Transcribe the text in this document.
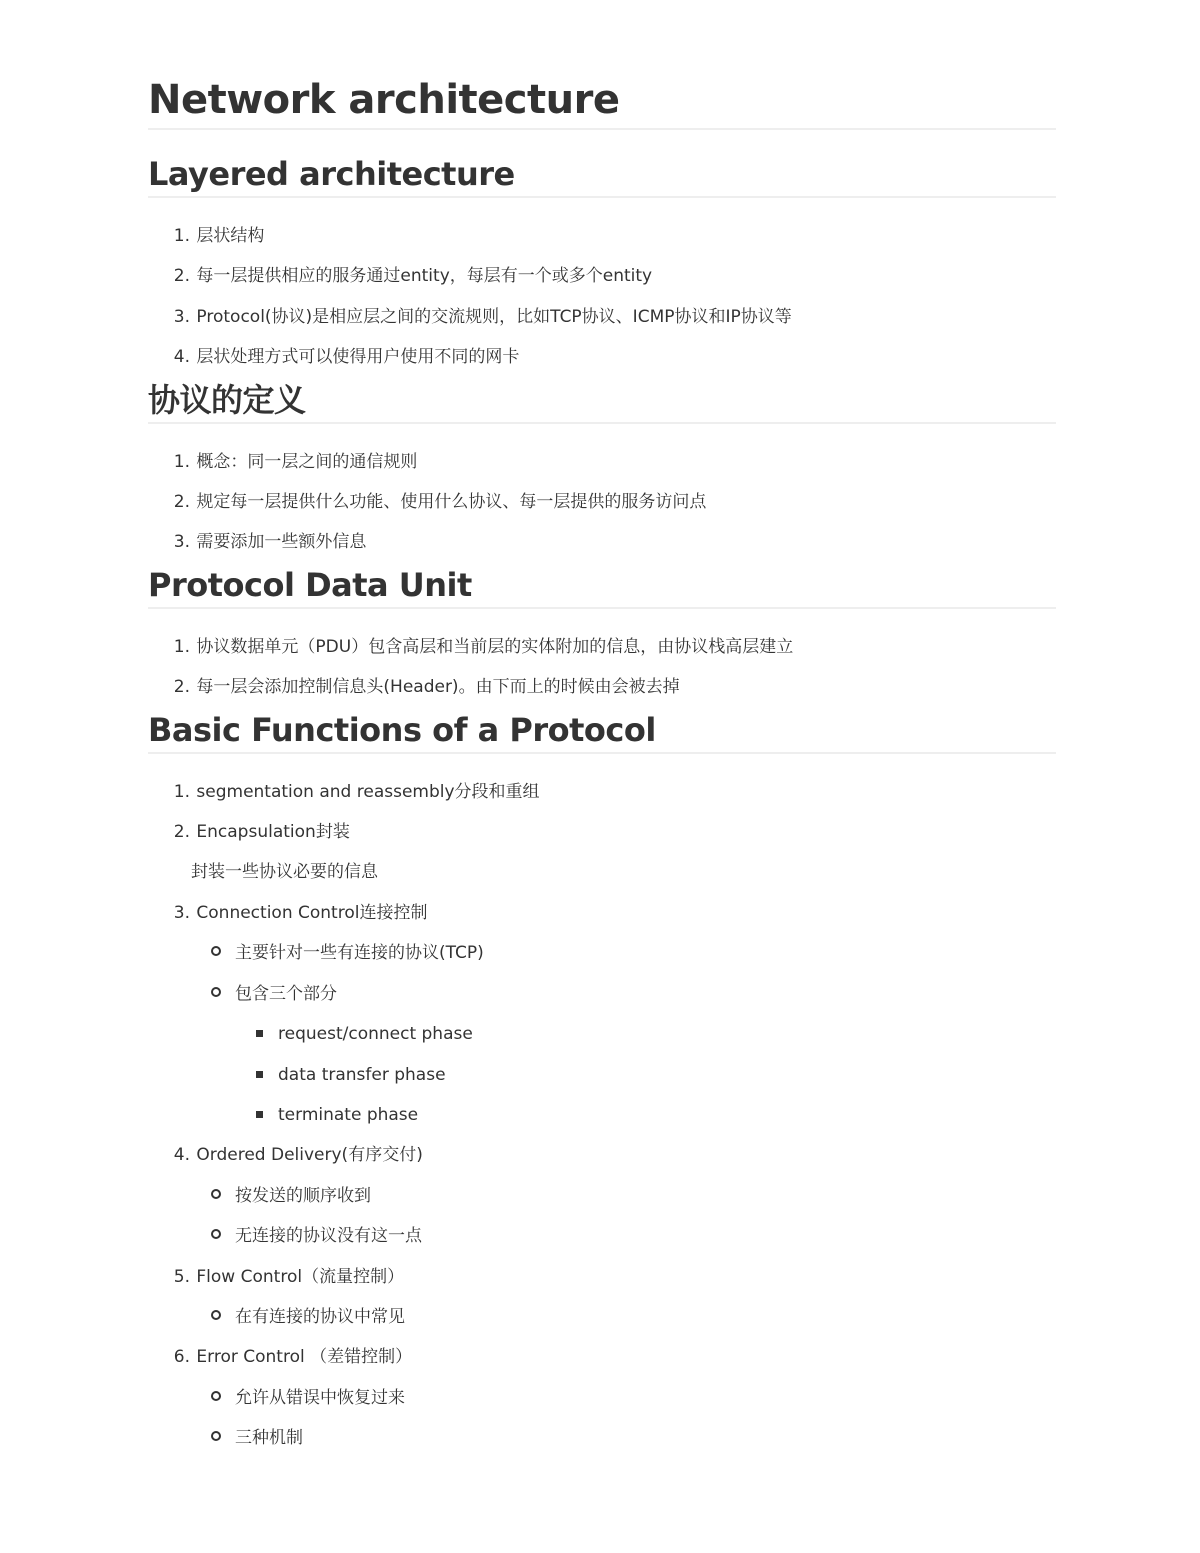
Network architecture
Layered architecture
1. 层状结构
2. 每一层提供相应的服务通过entity，每层有一个或多个entity
3. Protocol(协议)是相应层之间的交流规则，比如TCP协议、ICMP协议和IP协议等
4. 层状处理方式可以使得用户使用不同的网卡
协议的定义
1. 概念：同一层之间的通信规则
2. 规定每一层提供什么功能、使用什么协议、每一层提供的服务访问点
3. 需要添加一些额外信息
Protocol Data Unit
1. 协议数据单元（PDU）包含高层和当前层的实体附加的信息，由协议栈高层建立
2. 每一层会添加控制信息头(Header)。由下而上的时候由会被去掉
Basic Functions of a Protocol
1. segmentation and reassembly分段和重组
2. Encapsulation封装
封装一些协议必要的信息
3. Connection Control连接控制
主要针对一些有连接的协议(TCP)
包含三个部分
request/connect phase
data transfer phase
terminate phase
4. Ordered Delivery(有序交付)
按发送的顺序收到
无连接的协议没有这一点
5. Flow Control（流量控制）
在有连接的协议中常见
6. Error Control （差错控制）
允许从错误中恢复过来
三种机制
